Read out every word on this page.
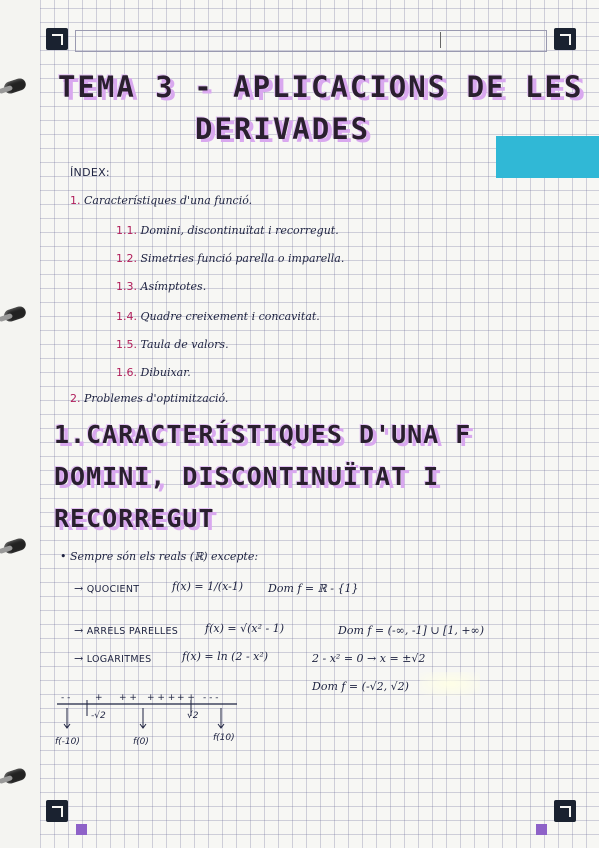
TEMA 3 - APLICACIONS DE LES
DERIVADES
ÍNDEX:
1. Característiques d'una funció.
1.1. Domini, discontinuïtat i recorregut.
1.2. Simetries funció parella o imparella.
1.3. Asímptotes.
1.4. Quadre creixement i concavitat.
1.5. Taula de valors.
1.6. Dibuixar.
2. Problemes d'optimització.
1.CARACTERÍSTIQUES D'UNA F
DOMINI, DISCONTINUÏTAT I
RECORREGUT
• Sempre són els reals (ℝ) excepte:
→ QUOCIENT	f(x) = 1/(x-1) Dom f = ℝ - {1}
→ ARRELS PARELLES f(x) = √(x² - 1)	Dom f = (-∞, -1] ∪ [1, +∞)
→ LOGARITMES	f(x) = ln (2 - x²)	2 - x² = 0 → x = ±√2
Dom f = (-√2, √2)
- -	+ + + + + + + + - - -
-√2	√2
f(-10)	f(0)	f(10)
